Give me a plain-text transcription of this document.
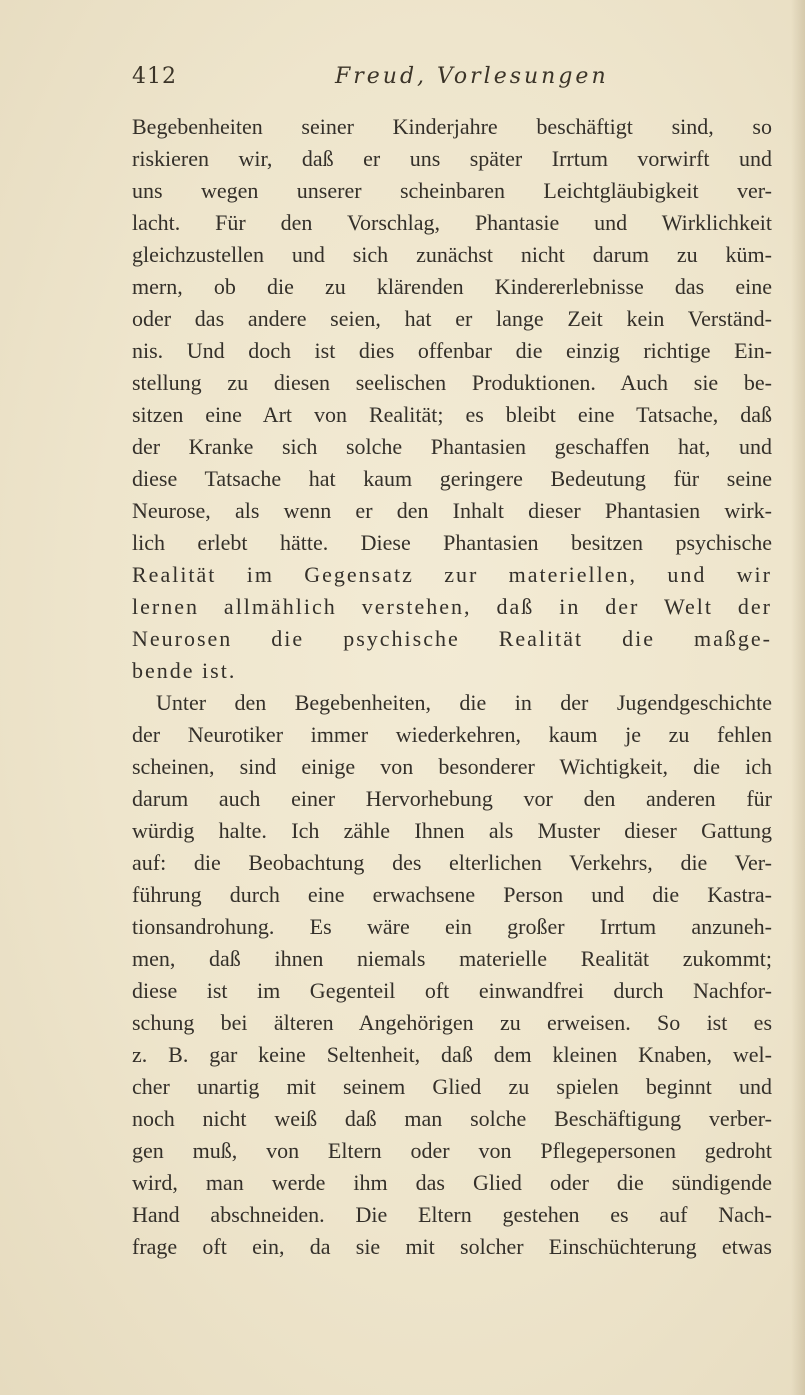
412	Freud, Vorlesungen
Begebenheiten seiner Kinderjahre beschäftigt sind, so
riskieren wir, daß er uns später Irrtum vorwirft und
uns wegen unserer scheinbaren Leichtgläubigkeit ver-
lacht. Für den Vorschlag, Phantasie und Wirklichkeit
gleichzustellen und sich zunächst nicht darum zu küm-
mern, ob die zu klärenden Kindererlebnisse das eine
oder das andere seien, hat er lange Zeit kein Verständ-
nis. Und doch ist dies offenbar die einzig richtige Ein-
stellung zu diesen seelischen Produktionen. Auch sie be-
sitzen eine Art von Realität; es bleibt eine Tatsache, daß
der Kranke sich solche Phantasien geschaffen hat, und
diese Tatsache hat kaum geringere Bedeutung für seine
Neurose, als wenn er den Inhalt dieser Phantasien wirk-
lich erlebt hätte. Diese Phantasien besitzen psychische
Realität im Gegensatz zur materiellen, und wir
lernen allmählich verstehen, daß in der Welt der
Neurosen die psychische Realität die maßge-
bende ist.
Unter den Begebenheiten, die in der Jugendgeschichte
der Neurotiker immer wiederkehren, kaum je zu fehlen
scheinen, sind einige von besonderer Wichtigkeit, die ich
darum auch einer Hervorhebung vor den anderen für
würdig halte. Ich zähle Ihnen als Muster dieser Gattung
auf: die Beobachtung des elterlichen Verkehrs, die Ver-
führung durch eine erwachsene Person und die Kastra-
tionsandrohung. Es wäre ein großer Irrtum anzuneh-
men, daß ihnen niemals materielle Realität zukommt;
diese ist im Gegenteil oft einwandfrei durch Nachfor-
schung bei älteren Angehörigen zu erweisen. So ist es
z. B. gar keine Seltenheit, daß dem kleinen Knaben, wel-
cher unartig mit seinem Glied zu spielen beginnt und
noch nicht weiß daß man solche Beschäftigung verber-
gen muß, von Eltern oder von Pflegepersonen gedroht
wird, man werde ihm das Glied oder die sündigende
Hand abschneiden. Die Eltern gestehen es auf Nach-
frage oft ein, da sie mit solcher Einschüchterung etwas
